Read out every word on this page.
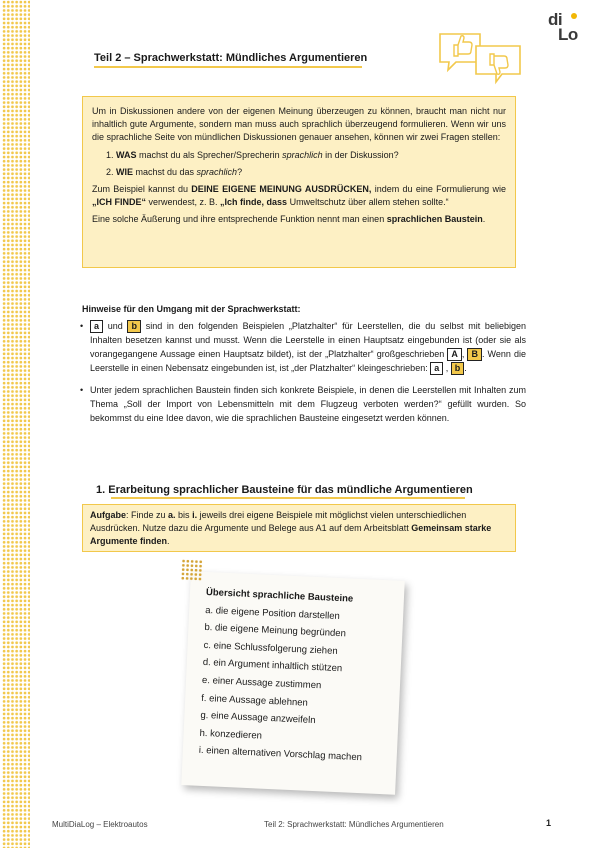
di
Lo
Teil 2 – Sprachwerkstatt: Mündliches Argumentieren

Um in Diskussionen andere von der eigenen Meinung überzeugen zu können, braucht man nicht nur inhaltlich gute Argumente, sondern man muss auch sprachlich überzeugend formulieren. Wenn wir uns die sprachliche Seite von mündlichen Diskussionen genauer ansehen, können wir zwei Fragen stellen:

1. WAS machst du als Sprecher/Sprecherin sprachlich in der Diskussion?
2. WIE machst du das sprachlich?

Zum Beispiel kannst du DEINE EIGENE MEINUNG AUSDRÜCKEN, indem du eine Formulierung wie „ICH FINDE“ verwendest, z. B. „Ich finde, dass Umweltschutz über allem stehen sollte.“

Eine solche Äußerung und ihre entsprechende Funktion nennt man einen sprachlichen Baustein.

Hinweise für den Umgang mit der Sprachwerkstatt:
• a und b sind in den folgenden Beispielen „Platzhalter“ für Leerstellen, die du selbst mit beliebigen Inhalten besetzen kannst und musst. Wenn die Leerstelle in einen Hauptsatz eingebunden ist (oder sie als vorangegangene Aussage einen Hauptsatz bildet), ist der „Platzhalter“ großgeschrieben A , B . Wenn die Leerstelle in einen Nebensatz eingebunden ist, ist „der Platzhalter“ kleingeschrieben: a , b .
• Unter jedem sprachlichen Baustein finden sich konkrete Beispiele, in denen die Leerstellen mit Inhalten zum Thema „Soll der Import von Lebensmitteln mit dem Flugzeug verboten werden?“ gefüllt wurden. So bekommst du eine Idee davon, wie die sprachlichen Bausteine eingesetzt werden können.
1. Erarbeitung sprachlicher Bausteine für das mündliche Argumentieren

Aufgabe: Finde zu a. bis i. jeweils drei eigene Beispiele mit möglichst vielen unterschiedlichen Ausdrücken. Nutze dazu die Argumente und Belege aus A1 auf dem Arbeitsblatt Gemeinsam starke Argumente finden.

Übersicht sprachliche Bausteine
a. die eigene Position darstellen
b. die eigene Meinung begründen
c. eine Schlussfolgerung ziehen
d. ein Argument inhaltlich stützen
e. einer Aussage zustimmen
f. eine Aussage ablehnen
g. eine Aussage anzweifeln
h. konzedieren
i. einen alternativen Vorschlag machen
MultiDiaLog – Elektroautos	Teil 2: Sprachwerkstatt: Mündliches Argumentieren	1
